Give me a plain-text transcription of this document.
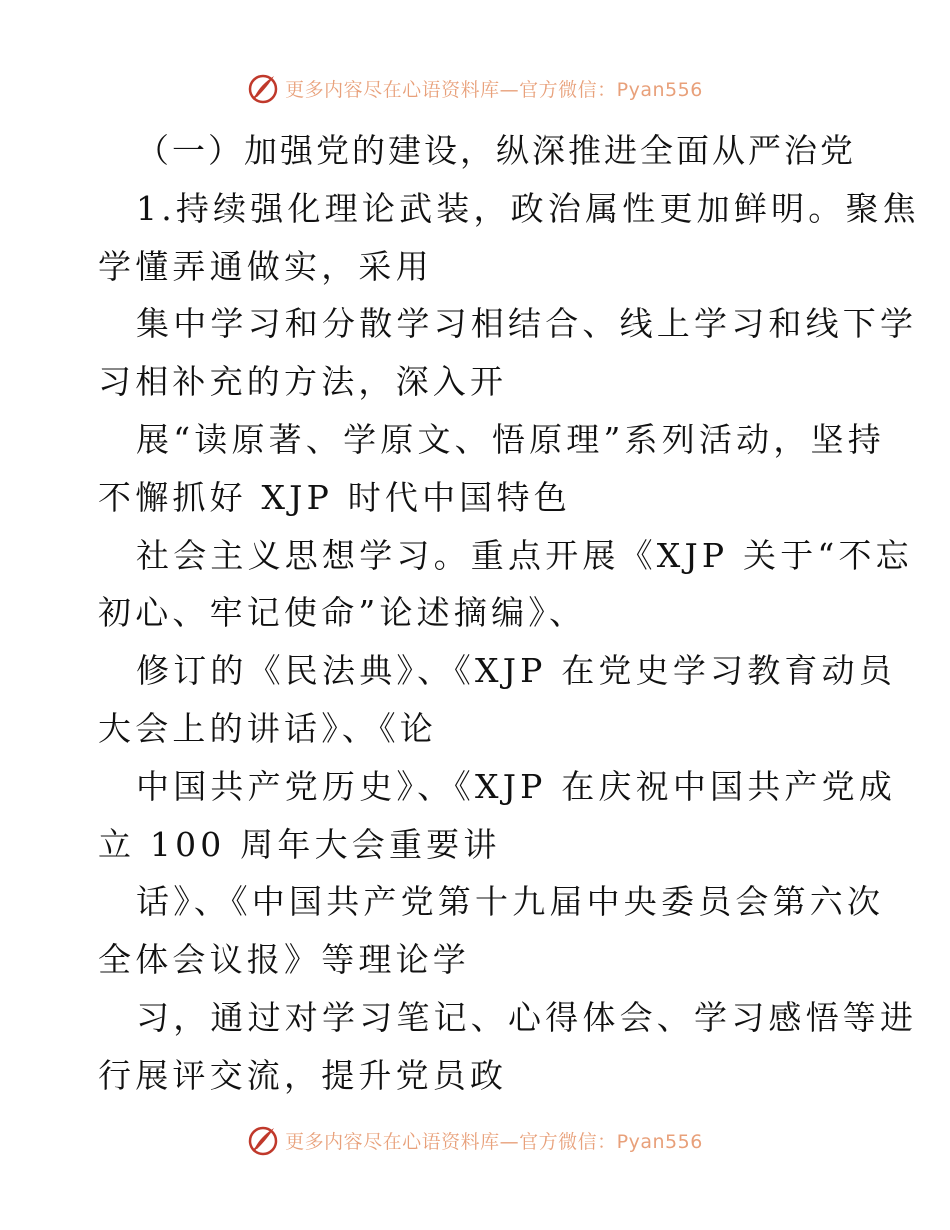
更多内容尽在心语资料库—官方微信：Pyan556
（一）加强党的建设，纵深推进全面从严治党
1.持续强化理论武装，政治属性更加鲜明。聚焦
学懂弄通做实，采用
集中学习和分散学习相结合、线上学习和线下学
习相补充的方法，深入开
展“读原著、学原文、悟原理”系列活动，坚持
不懈抓好 XJP 时代中国特色
社会主义思想学习。重点开展《XJP 关于“不忘
初心、牢记使命”论述摘编》、
修订的《民法典》、《XJP 在党史学习教育动员
大会上的讲话》、《论
中国共产党历史》、《XJP 在庆祝中国共产党成
立 100 周年大会重要讲
话》、《中国共产党第十九届中央委员会第六次
全体会议报》等理论学
习，通过对学习笔记、心得体会、学习感悟等进
行展评交流，提升党员政
更多内容尽在心语资料库—官方微信：Pyan556
